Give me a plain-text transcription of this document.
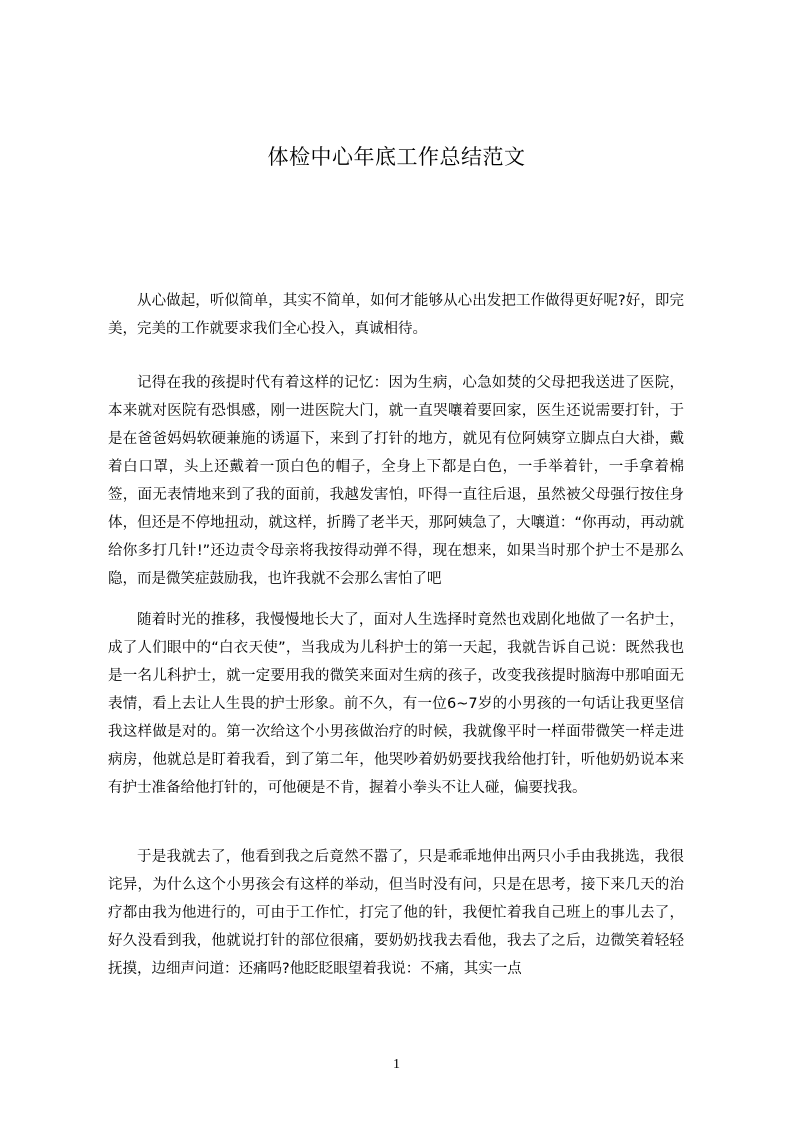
体检中心年底工作总结范文

从心做起，听似简单，其实不简单，如何才能够从心出发把工作做得更好呢?好，即完美，完美的工作就要求我们全心投入，真诚相待。

记得在我的孩提时代有着这样的记忆：因为生病，心急如焚的父母把我送进了医院，本来就对医院有恐惧感，刚一进医院大门，就一直哭嚷着要回家，医生还说需要打针，于是在爸爸妈妈软硬兼施的诱逼下，来到了打针的地方，就见有位阿姨穿立脚点白大褂，戴着白口罩，头上还戴着一顶白色的帽子，全身上下都是白色，一手举着针，一手拿着棉签，面无表情地来到了我的面前，我越发害怕，吓得一直往后退，虽然被父母强行按住身体，但还是不停地扭动，就这样，折腾了老半天，那阿姨急了，大嚷道：“你再动，再动就给你多打几针!”还边责令母亲将我按得动弹不得，现在想来，如果当时那个护士不是那么隐，而是微笑症鼓励我，也许我就不会那么害怕了吧

随着时光的推移，我慢慢地长大了，面对人生选择时竟然也戏剧化地做了一名护士，成了人们眼中的“白衣天使”，当我成为儿科护士的第一天起，我就告诉自己说：既然我也是一名儿科护士，就一定要用我的微笑来面对生病的孩子，改变我孩提时脑海中那咱面无表情，看上去让人生畏的护士形象。前不久，有一位6~7岁的小男孩的一句话让我更坚信我这样做是对的。第一次给这个小男孩做治疗的时候，我就像平时一样面带微笑一样走进病房，他就总是盯着我看，到了第二年，他哭吵着奶奶要找我给他打针，听他奶奶说本来有护士准备给他打针的，可他硬是不肯，握着小拳头不让人碰，偏要找我。

于是我就去了，他看到我之后竟然不嚣了，只是乖乖地伸出两只小手由我挑选，我很诧异，为什么这个小男孩会有这样的举动，但当时没有问，只是在思考，接下来几天的治疗都由我为他进行的，可由于工作忙，打完了他的针，我便忙着我自己班上的事儿去了，好久没看到我，他就说打针的部位很痛，要奶奶找我去看他，我去了之后，边微笑着轻轻抚摸，边细声问道：还痛吗?他眨眨眼望着我说：不痛，其实一点

1
